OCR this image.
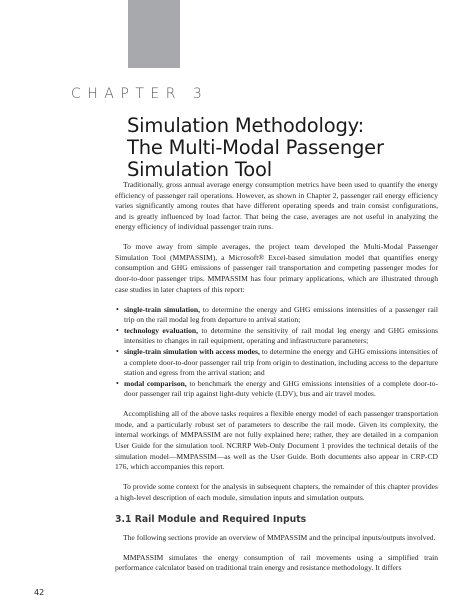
CHAPTER 3
Simulation Methodology:
The Multi-Modal Passenger
Simulation Tool

Traditionally, gross annual average energy consumption metrics have been used to quantify the energy efficiency of passenger rail operations. However, as shown in Chapter 2, passenger rail energy efficiency varies significantly among routes that have different operating speeds and train consist configurations, and is greatly influenced by load factor. That being the case, averages are not useful in analyzing the energy efficiency of individual passenger train runs.

To move away from simple averages, the project team developed the Multi-Modal Passenger Simulation Tool (MMPASSIM), a Microsoft® Excel-based simulation model that quantifies energy consumption and GHG emissions of passenger rail transportation and competing passenger modes for door-to-door passenger trips. MMPASSIM has four primary applications, which are illustrated through case studies in later chapters of this report:

• single-train simulation, to determine the energy and GHG emissions intensities of a passenger rail trip on the rail modal leg from departure to arrival station;
• technology evaluation, to determine the sensitivity of rail modal leg energy and GHG emissions intensities to changes in rail equipment, operating and infrastructure parameters;
• single-train simulation with access modes, to determine the energy and GHG emissions intensities of a complete door-to-door passenger rail trip from origin to destination, including access to the departure station and egress from the arrival station; and
• modal comparison, to benchmark the energy and GHG emissions intensities of a complete door-to-door passenger rail trip against light-duty vehicle (LDV), bus and air travel modes.

Accomplishing all of the above tasks requires a flexible energy model of each passenger transportation mode, and a particularly robust set of parameters to describe the rail mode. Given its complexity, the internal workings of MMPASSIM are not fully explained here; rather, they are detailed in a companion User Guide for the simulation tool. NCRRP Web-Only Document 1 provides the technical details of the simulation model—MMPASSIM—as well as the User Guide. Both documents also appear in CRP-CD 176, which accompanies this report.

To provide some context for the analysis in subsequent chapters, the remainder of this chapter provides a high-level description of each module, simulation inputs and simulation outputs.

3.1 Rail Module and Required Inputs

The following sections provide an overview of MMPASSIM and the principal inputs/outputs involved.

MMPASSIM simulates the energy consumption of rail movements using a simplified train performance calculator based on traditional train energy and resistance methodology. It differs

42
